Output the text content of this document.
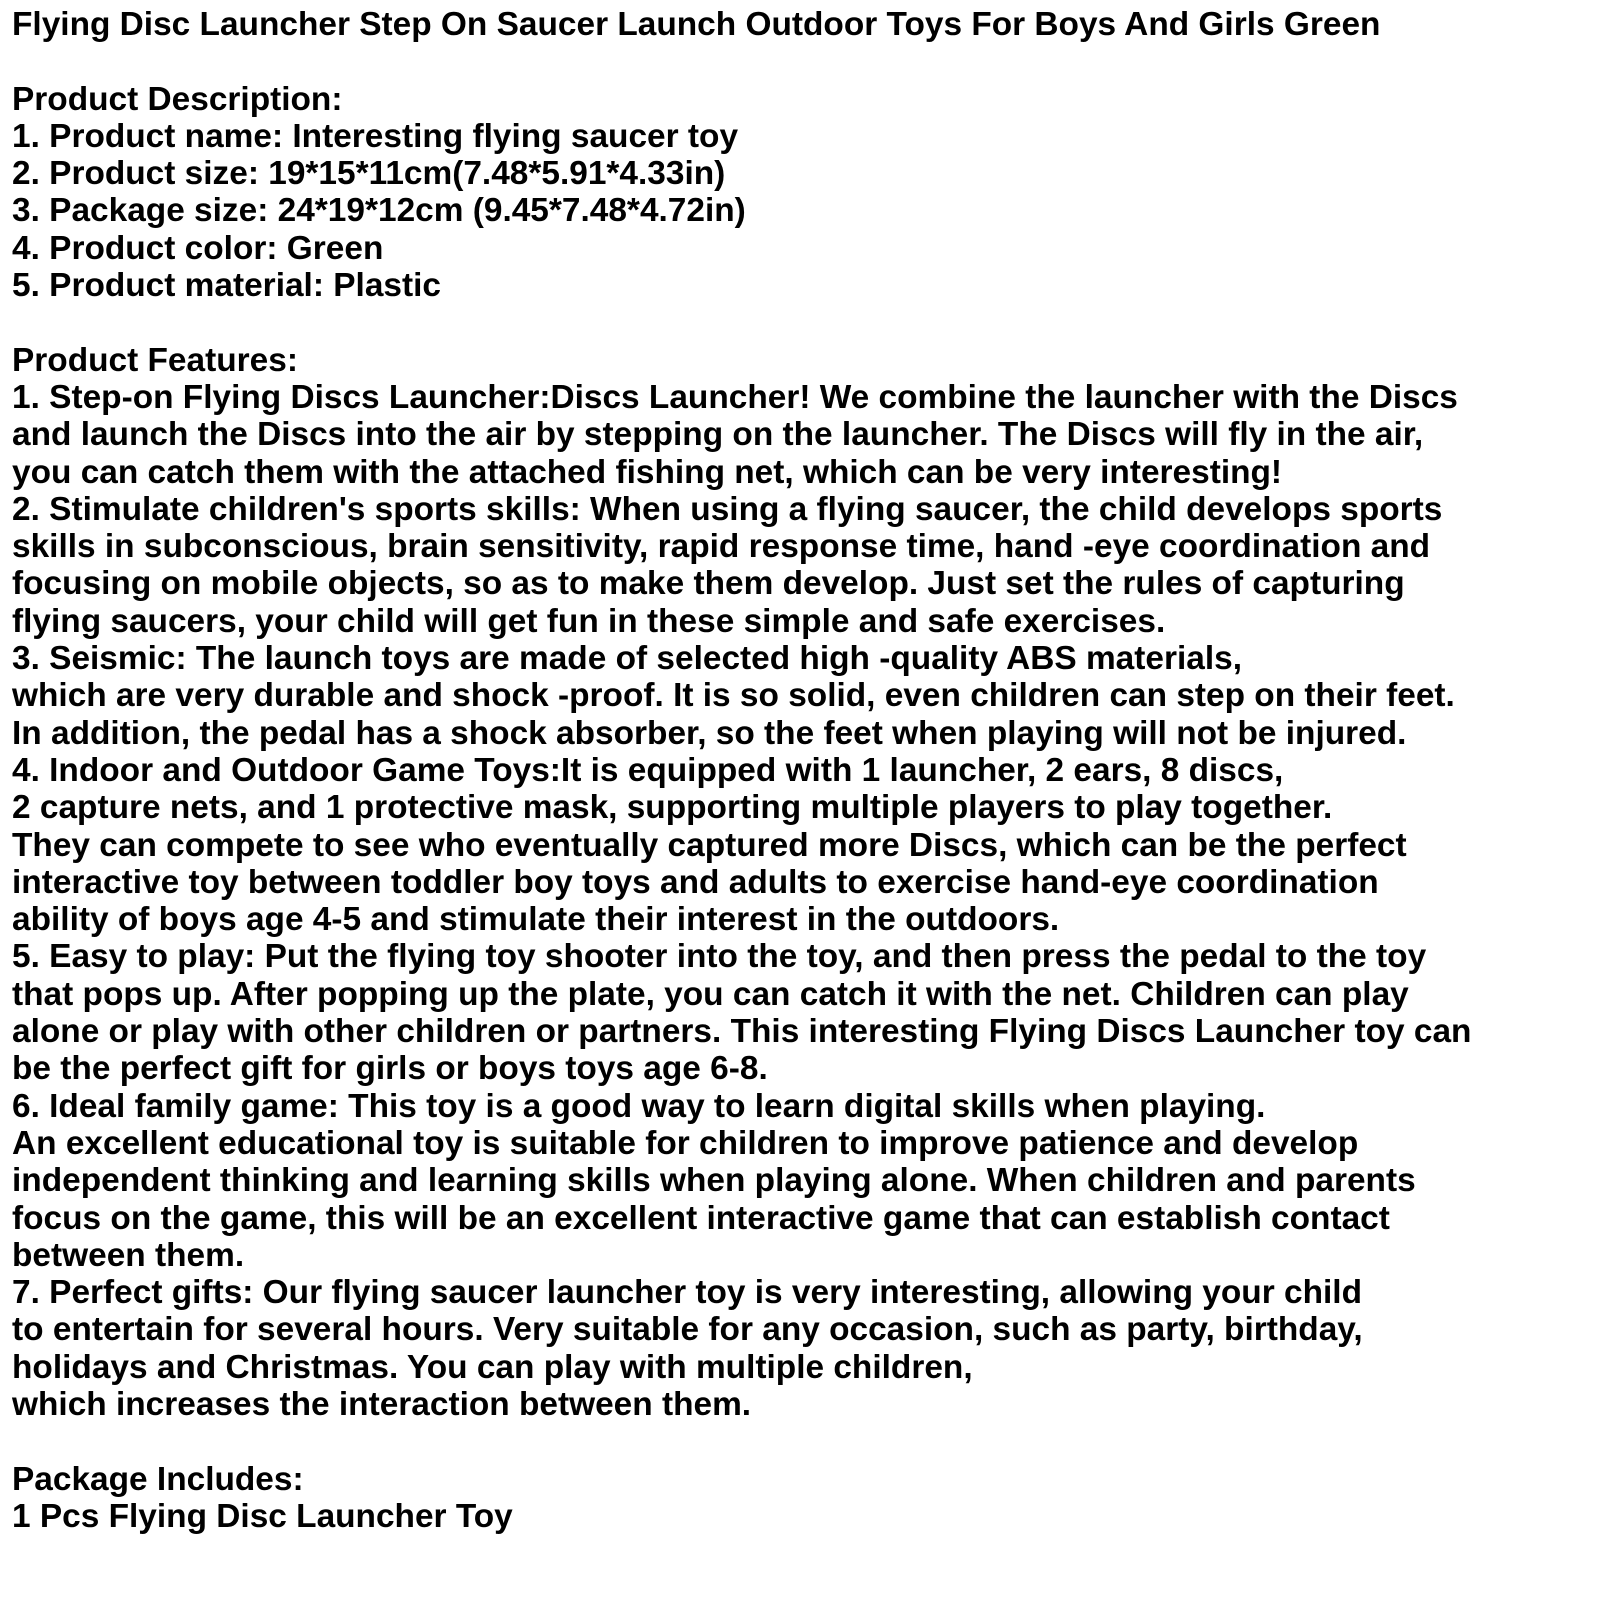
Flying Disc Launcher Step On Saucer Launch Outdoor Toys For Boys And Girls Green
Product Description:
1. Product name: Interesting flying saucer toy
2. Product size: 19*15*11cm(7.48*5.91*4.33in)
3. Package size: 24*19*12cm (9.45*7.48*4.72in)
4. Product color: Green
5. Product material: Plastic
Product Features:
1. Step-on Flying Discs Launcher:Discs Launcher! We combine the launcher with the Discs
and launch the Discs into the air by stepping on the launcher. The Discs will fly in the air,
you can catch them with the attached fishing net, which can be very interesting!
2. Stimulate children's sports skills: When using a flying saucer, the child develops sports
skills in subconscious, brain sensitivity, rapid response time, hand -eye coordination and
focusing on mobile objects, so as to make them develop. Just set the rules of capturing
flying saucers, your child will get fun in these simple and safe exercises.
3. Seismic: The launch toys are made of selected high -quality ABS materials,
which are very durable and shock -proof. It is so solid, even children can step on their feet.
In addition, the pedal has a shock absorber, so the feet when playing will not be injured.
4. Indoor and Outdoor Game Toys:It is equipped with 1 launcher, 2 ears, 8 discs,
2 capture nets, and 1 protective mask, supporting multiple players to play together.
They can compete to see who eventually captured more Discs, which can be the perfect
interactive toy between toddler boy toys and adults to exercise hand-eye coordination
ability of boys age 4-5 and stimulate their interest in the outdoors.
5. Easy to play: Put the flying toy shooter into the toy, and then press the pedal to the toy
that pops up. After popping up the plate, you can catch it with the net. Children can play
alone or play with other children or partners. This interesting Flying Discs Launcher toy can
be the perfect gift for girls or boys toys age 6-8.
6. Ideal family game: This toy is a good way to learn digital skills when playing.
An excellent educational toy is suitable for children to improve patience and develop
independent thinking and learning skills when playing alone. When children and parents
focus on the game, this will be an excellent interactive game that can establish contact
between them.
7. Perfect gifts: Our flying saucer launcher toy is very interesting, allowing your child
to entertain for several hours. Very suitable for any occasion, such as party, birthday,
holidays and Christmas. You can play with multiple children,
which increases the interaction between them.
Package Includes:
1 Pcs Flying Disc Launcher Toy
